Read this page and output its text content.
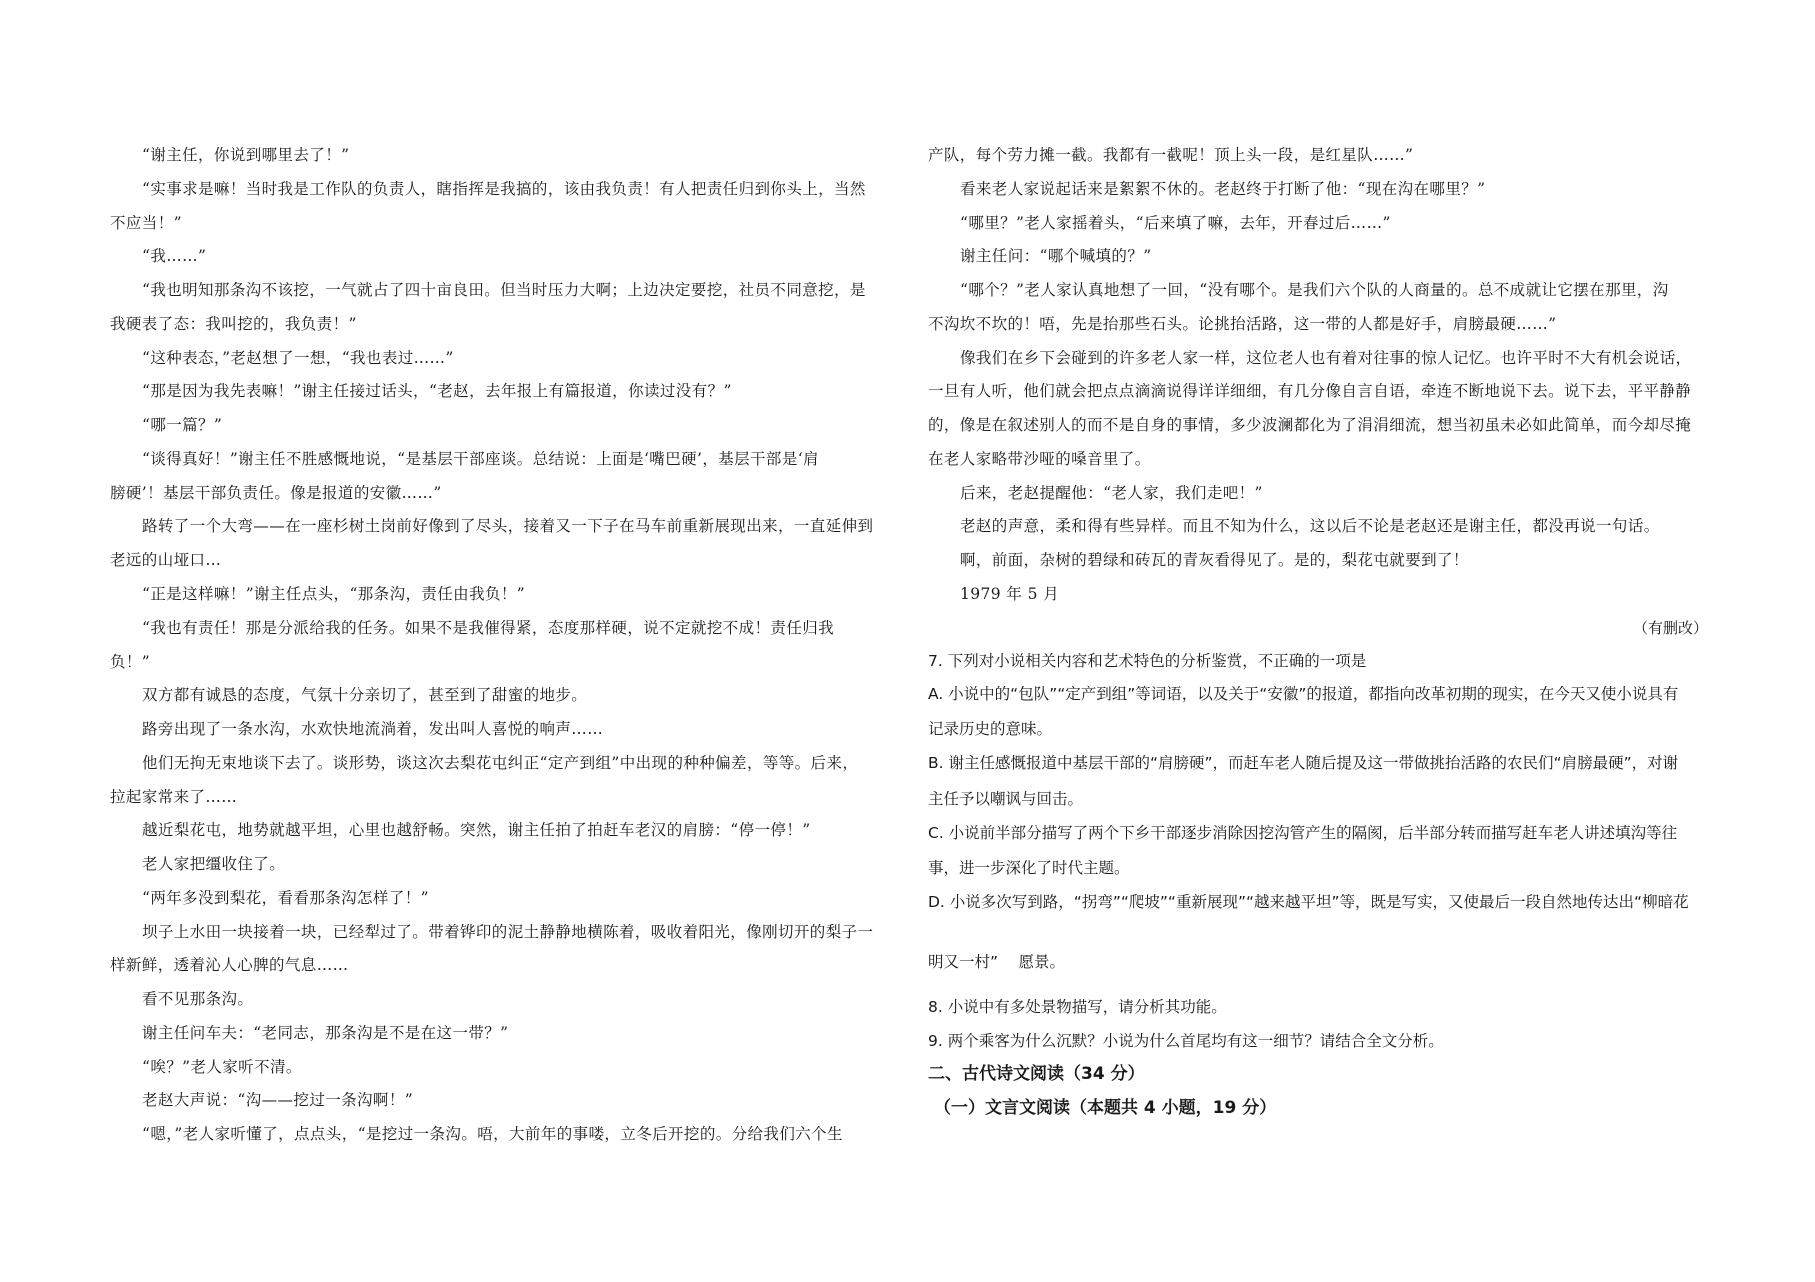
“谢主任，你说到哪里去了！”
“实事求是嘛！当时我是工作队的负责人，瞎指挥是我搞的，该由我负责！有人把责任归到你头上，当然
不应当！”
“我……”
“我也明知那条沟不该挖，一气就占了四十亩良田。但当时压力大啊；上边决定要挖，社员不同意挖，是
我硬表了态：我叫挖的，我负责！”
“这种表态，”老赵想了一想，“我也表过……”
“那是因为我先表嘛！”谢主任接过话头，“老赵，去年报上有篇报道，你读过没有？”
“哪一篇？”
“谈得真好！”谢主任不胜感慨地说，“是基层干部座谈。总结说：上面是‘嘴巴硬’，基层干部是‘肩
膀硬’！基层干部负责任。像是报道的安徽……”
路转了一个大弯——在一座杉树土岗前好像到了尽头，接着又一下子在马车前重新展现出来，一直延伸到
老远的山垭口…
“正是这样嘛！”谢主任点头，“那条沟，责任由我负！”
“我也有责任！那是分派给我的任务。如果不是我催得紧，态度那样硬，说不定就挖不成！责任归我
负！”
双方都有诚恳的态度，气氛十分亲切了，甚至到了甜蜜的地步。
路旁出现了一条水沟，水欢快地流淌着，发出叫人喜悦的响声……
他们无拘无束地谈下去了。谈形势，谈这次去梨花屯纠正“定产到组”中出现的种种偏差，等等。后来，
拉起家常来了……
越近梨花屯，地势就越平坦，心里也越舒畅。突然，谢主任拍了拍赶车老汉的肩膀：“停一停！”
老人家把缰收住了。
“两年多没到梨花，看看那条沟怎样了！”
坝子上水田一块接着一块，已经犁过了。带着铧印的泥土静静地横陈着，吸收着阳光，像刚切开的梨子一
样新鲜，透着沁人心脾的气息……
看不见那条沟。
谢主任问车夫：“老同志，那条沟是不是在这一带？”
“唉？”老人家听不清。
老赵大声说：“沟——挖过一条沟啊！”
“嗯，”老人家听懂了，点点头，“是挖过一条沟。唔，大前年的事喽，立冬后开挖的。分给我们六个生
产队，每个劳力摊一截。我都有一截呢！顶上头一段，是红星队……”
看来老人家说起话来是絮絮不休的。老赵终于打断了他：“现在沟在哪里？”
“哪里？”老人家摇着头，“后来填了嘛，去年，开春过后……”
谢主任问：“哪个喊填的？”
“哪个？”老人家认真地想了一回，“没有哪个。是我们六个队的人商量的。总不成就让它摆在那里，沟
不沟坎不坎的！唔，先是抬那些石头。论挑抬活路，这一带的人都是好手，肩膀最硬……”
像我们在乡下会碰到的许多老人家一样，这位老人也有着对往事的惊人记忆。也许平时不大有机会说话，
一旦有人听，他们就会把点点滴滴说得详详细细，有几分像自言自语，牵连不断地说下去。说下去，平平静静
的，像是在叙述别人的而不是自身的事情，多少波澜都化为了涓涓细流，想当初虽未必如此简单，而今却尽掩
在老人家略带沙哑的嗓音里了。
后来，老赵提醒他：“老人家，我们走吧！”
老赵的声意，柔和得有些异样。而且不知为什么，这以后不论是老赵还是谢主任，都没再说一句话。
啊，前面，杂树的碧绿和砖瓦的青灰看得见了。是的，梨花屯就要到了！
1979 年 5 月
（有删改）
7. 下列对小说相关内容和艺术特色的分析鉴赏，不正确的一项是
A. 小说中的“包队”“定产到组”等词语，以及关于“安徽”的报道，都指向改革初期的现实，在今天又使小说具有
记录历史的意味。
B. 谢主任感慨报道中基层干部的“肩膀硬”，而赶车老人随后提及这一带做挑抬活路的农民们“肩膀最硬”，对谢
主任予以嘲讽与回击。
C. 小说前半部分描写了两个下乡干部逐步消除因挖沟管产生的隔阂，后半部分转而描写赶车老人讲述填沟等往
事，进一步深化了时代主题。
D. 小说多次写到路，“拐弯”“爬坡”“重新展现”“越来越平坦”等，既是写实，又使最后一段自然地传达出“柳暗花
明又一村”　 愿景。
8. 小说中有多处景物描写，请分析其功能。
9. 两个乘客为什么沉默？小说为什么首尾均有这一细节？请结合全文分析。
二、古代诗文阅读（34 分）
（一）文言文阅读（本题共 4 小题，19 分）
